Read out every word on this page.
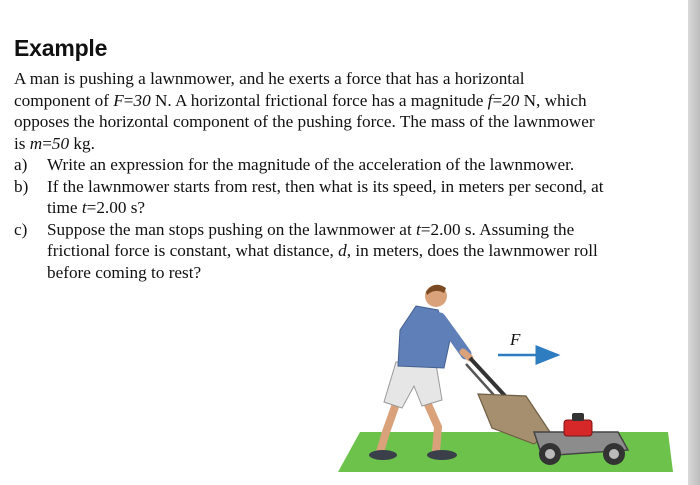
Example
A man is pushing a lawnmower, and he exerts a force that has a horizontal
component of F=30 N. A horizontal frictional force has a magnitude f=20 N, which
opposes the horizontal component of the pushing force. The mass of the lawnmower
is m=50 kg.
a)	Write an expression for the magnitude of the acceleration of the lawnmower.
b)	If the lawnmower starts from rest, then what is its speed, in meters per second, at
time t=2.00 s?
c)	Suppose the man stops pushing on the lawnmower at t=2.00 s. Assuming the
frictional force is constant, what distance, d, in meters, does the lawnmower roll
before coming to rest?
F
